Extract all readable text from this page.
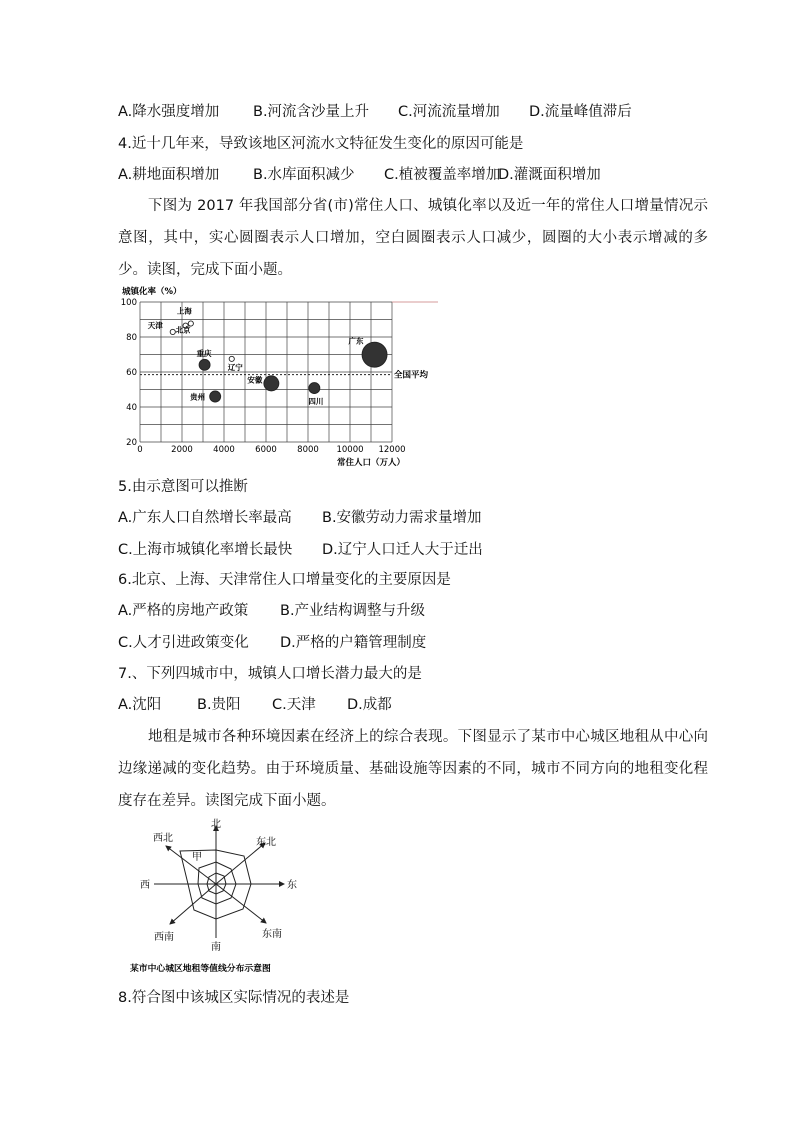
A.降水强度增加 B.河流含沙量上升 C.河流流量增加 D.流量峰值滞后
4.近十几年来，导致该地区河流水文特征发生变化的原因可能是
A.耕地面积增加 B.水库面积减少 C.植被覆盖率增加
D.灌溉面积增加
下图为 2017 年我国部分省(市)常住人口、城镇化率以及近一年的常住人口增量情况示意图，其中，实心圆圈表示人口增加，空白圆圈表示人口减少，圆圈的大小表示增减的多少。读图，完成下面小题。
城镇化率（%）
常住人口（万人）
0	2000 4000 6000 8000 10000 12000
20
40
60
80
100
全国平均
天津
上海
北京
重庆
辽宁
贵州
安徽
四川
广东
5.由示意图可以推断
A.广东人口自然增长率最高 B.安徽劳动力需求量增加
C.上海市城镇化率增长最快 D.辽宁人口迁人大于迁出
6.北京、上海、天津常住人口增量变化的主要原因是
A.严格的房地产政策 B.产业结构调整与升级
C.人才引进政策变化 D.严格的户籍管理制度
7.、下列四城市中，城镇人口增长潜力最大的是
A.沈阳 B.贵阳 C.天津 D.成都
地租是城市各种环境因素在经济上的综合表现。下图显示了某市中心城区地租从中心向边缘递减的变化趋势。由于环境质量、基础设施等因素的不同，城市不同方向的地租变化程度存在差异。读图完成下面小题。
北
东北
东
东南
南
西南
西
西北
甲
某市中心城区地租等值线分布示意图
8.符合图中该城区实际情况的表述是
